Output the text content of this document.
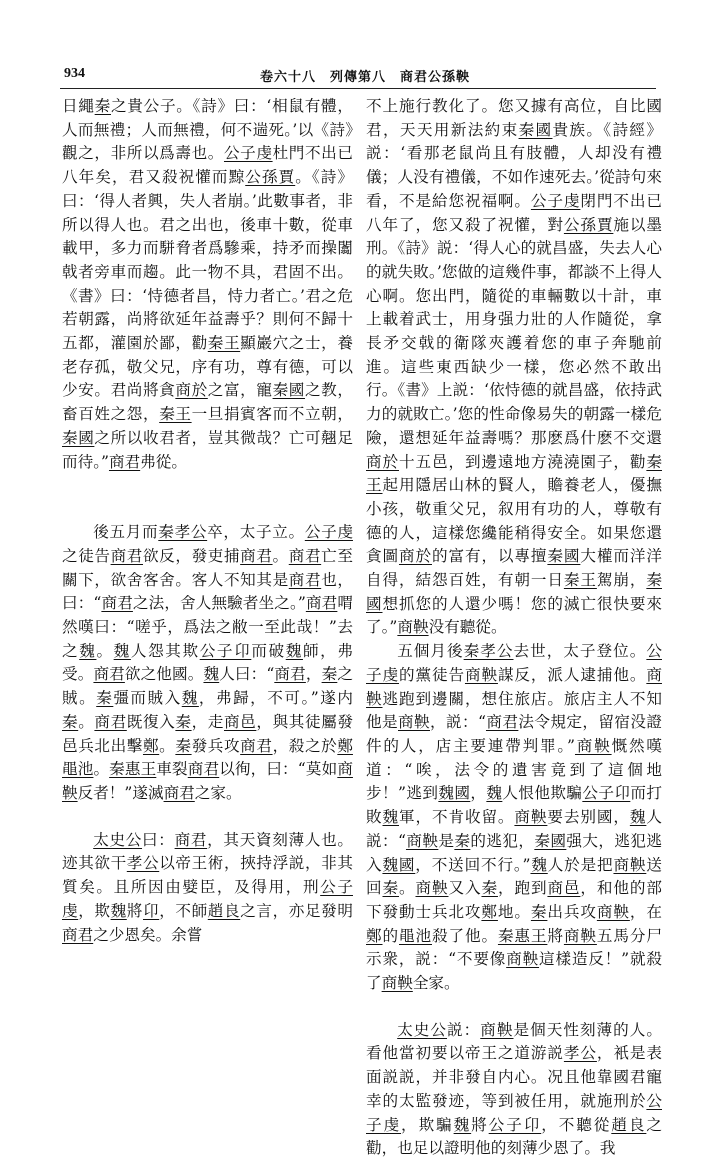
934	卷六十八　列傳第八　商君公孫鞅

日繩秦之貴公子。《詩》曰：‘相鼠有體，人而無禮；人而無禮，何不遄死。’以《詩》觀之，非所以爲壽也。公子虔杜門不出已八年矣，君又殺祝懽而黥公孫賈。《詩》曰：‘得人者興，失人者崩。’此數事者，非所以得人也。君之出也，後車十數，從車載甲，多力而駢脅者爲驂乘，持矛而操闟戟者旁車而趨。此一物不具，君固不出。《書》曰：‘恃德者昌，恃力者亡。’君之危若朝露，尚將欲延年益壽乎？則何不歸十五都，灌園於鄙，勸秦王顯巖穴之士，養老存孤，敬父兄，序有功，尊有德，可以少安。君尚將貪商於之富，寵秦國之教，畜百姓之怨，秦王一旦捐賓客而不立朝，秦國之所以收君者，豈其微哉？亡可翹足而待。”商君弗從。

後五月而秦孝公卒，太子立。公子虔之徒告商君欲反，發吏捕商君。商君亡至關下，欲舍客舍。客人不知其是商君也，曰：“商君之法，舍人無驗者坐之。”商君喟然嘆曰：“嗟乎，爲法之敝一至此哉！”去之魏。魏人怨其欺公子卬而破魏師，弗受。商君欲之他國。魏人曰：“商君，秦之賊。秦彊而賊入魏，弗歸，不可。”遂内秦。商君既復入秦，走商邑，與其徒屬發邑兵北出擊鄭。秦發兵攻商君，殺之於鄭黽池。秦惠王車裂商君以徇，曰：“莫如商鞅反者！”遂滅商君之家。

太史公曰：商君，其天資刻薄人也。迹其欲干孝公以帝王術，挾持浮説，非其質矣。且所因由嬖臣，及得用，刑公子虔，欺魏將卬，不師趙良之言，亦足發明商君之少恩矣。余嘗

不上施行教化了。您又據有高位，自比國君，天天用新法約束秦國貴族。《詩經》説：‘看那老鼠尚且有肢體，人却没有禮儀；人没有禮儀，不如作速死去。’從詩句來看，不是給您祝福啊。公子虔閉門不出已八年了，您又殺了祝懽，對公孫賈施以墨刑。《詩》説：‘得人心的就昌盛，失去人心的就失敗。’您做的這幾件事，都談不上得人心啊。您出門，隨從的車輛數以十計，車上載着武士，用身强力壯的人作隨從，拿長矛交戟的衛隊夾護着您的車子奔馳前進。這些東西缺少一樣，您必然不敢出行。《書》上説：‘依恃德的就昌盛，依持武力的就敗亡。’您的性命像易失的朝露一樣危險，還想延年益壽嗎？那麽爲什麽不交還商於十五邑，到邊遠地方澆澆園子，勸秦王起用隱居山林的賢人，贍養老人，優撫小孩，敬重父兄，叙用有功的人，尊敬有德的人，這樣您纔能稍得安全。如果您還貪圖商於的富有，以專擅秦國大權而洋洋自得，結怨百姓，有朝一日秦王駕崩，秦國想抓您的人還少嗎！您的滅亡很快要來了。”商鞅没有聽從。

五個月後秦孝公去世，太子登位。公子虔的黨徒告商鞅謀反，派人逮捕他。商鞅逃跑到邊關，想住旅店。旅店主人不知他是商鞅，説：“商君法令規定，留宿没證件的人，店主要連帶判罪。”商鞅慨然嘆道：“唉，法令的遺害竟到了這個地步！”逃到魏國，魏人恨他欺騙公子卬而打敗魏軍，不肯收留。商鞅要去别國，魏人説：“商鞅是秦的逃犯，秦國强大，逃犯逃入魏國，不送回不行。”魏人於是把商鞅送回秦。商鞅又入秦，跑到商邑，和他的部下發動士兵北攻鄭地。秦出兵攻商鞅，在鄭的黽池殺了他。秦惠王將商鞅五馬分尸示衆，説：“不要像商鞅這樣造反！”就殺了商鞅全家。

太史公説：商鞅是個天性刻薄的人。看他當初要以帝王之道游説孝公，衹是表面説説，并非發自内心。况且他靠國君寵幸的太監發迹，等到被任用，就施刑於公子虔，欺騙魏將公子卬，不聽從趙良之勸，也足以證明他的刻薄少恩了。我
